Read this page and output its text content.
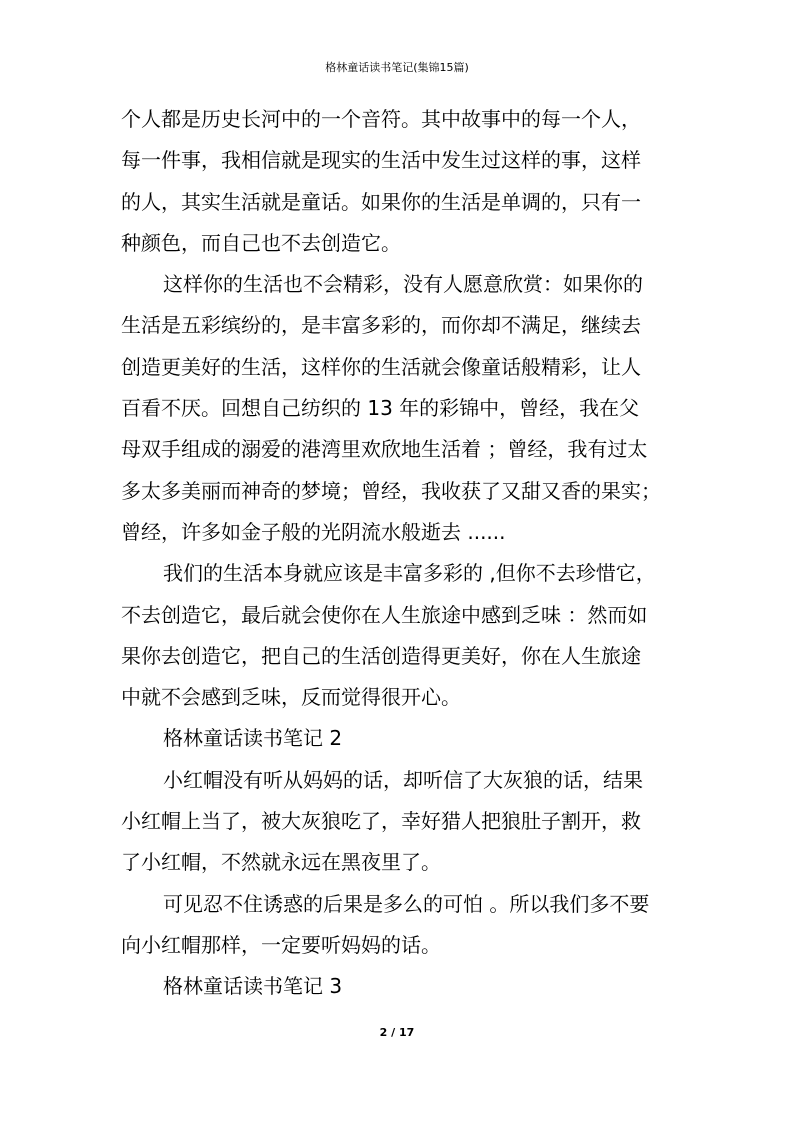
格林童话读书笔记(集锦15篇)

个人都是历史长河中的一个音符。其中故事中的每一个人，

每一件事，我相信就是现实的生活中发生过这样的事，这样

的人，其实生活就是童话。如果你的生活是单调的，只有一

种颜色，而自己也不去创造它。

这样你的生活也不会精彩，没有人愿意欣赏：如果你的

生活是五彩缤纷的，是丰富多彩的，而你却不满足，继续去

创造更美好的生活，这样你的生活就会像童话般精彩，让人

百看不厌。回想自己纺织的 13 年的彩锦中，曾经，我在父

母双手组成的溺爱的港湾里欢欣地生活着 ；曾经，我有过太

多太多美丽而神奇的梦境；曾经，我收获了又甜又香的果实；

曾经，许多如金子般的光阴流水般逝去 ......

我们的生活本身就应该是丰富多彩的 ,但你不去珍惜它，

不去创造它，最后就会使你在人生旅途中感到乏味 ：然而如

果你去创造它，把自己的生活创造得更美好，你在人生旅途

中就不会感到乏味，反而觉得很开心。

格林童话读书笔记 2

小红帽没有听从妈妈的话，却听信了大灰狼的话，结果

小红帽上当了，被大灰狼吃了，幸好猎人把狼肚子割开，救

了小红帽，不然就永远在黑夜里了。

可见忍不住诱惑的后果是多么的可怕 。所以我们多不要

向小红帽那样，一定要听妈妈的话。

格林童话读书笔记 3

2 / 17
